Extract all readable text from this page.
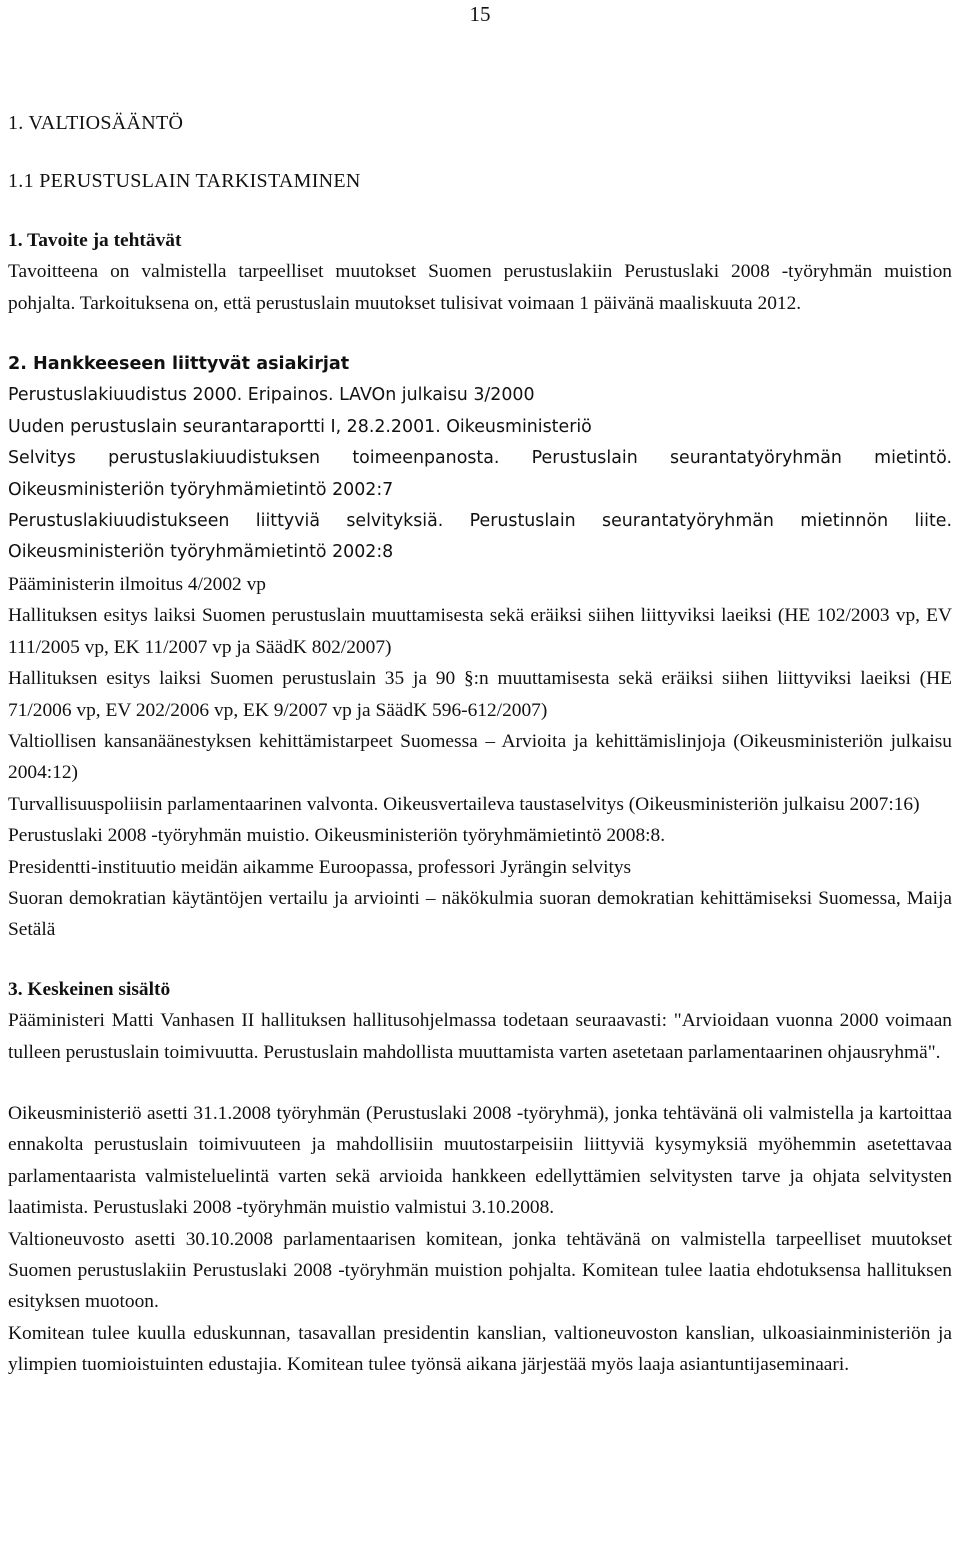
15
1. VALTIOSÄÄNTÖ
1.1 PERUSTUSLAIN TARKISTAMINEN
1. Tavoite ja tehtävät

Tavoitteena on valmistella tarpeelliset muutokset Suomen perustuslakiin Perustuslaki 2008 -työryhmän muistion pohjalta. Tarkoituksena on, että perustuslain muutokset tulisivat voimaan 1 päivänä maaliskuuta 2012.

2. Hankkeeseen liittyvät asiakirjat

Perustuslakiuudistus 2000. Eripainos. LAVOn julkaisu 3/2000

Uuden perustuslain seurantaraportti I, 28.2.2001. Oikeusministeriö

Selvitys perustuslakiuudistuksen toimeenpanosta. Perustuslain seurantatyöryhmän mietintö. Oikeusministeriön työryhmämietintö 2002:7

Perustuslakiuudistukseen liittyviä selvityksiä. Perustuslain seurantatyöryhmän mietinnön liite. Oikeusministeriön työryhmämietintö 2002:8

Pääministerin ilmoitus 4/2002 vp

Hallituksen esitys laiksi Suomen perustuslain muuttamisesta sekä eräiksi siihen liittyviksi laeiksi (HE 102/2003 vp, EV 111/2005 vp, EK 11/2007 vp ja SäädK 802/2007)

Hallituksen esitys laiksi Suomen perustuslain 35 ja 90 §:n muuttamisesta sekä eräiksi siihen liittyviksi laeiksi (HE 71/2006 vp, EV 202/2006 vp, EK 9/2007 vp ja SäädK 596-612/2007)

Valtiollisen kansanäänestyksen kehittämistarpeet Suomessa – Arvioita ja kehittämislinjoja (Oikeusministeriön julkaisu 2004:12)

Turvallisuuspoliisin parlamentaarinen valvonta. Oikeusvertaileva taustaselvitys (Oikeusministeriön julkaisu 2007:16)

Perustuslaki 2008 -työryhmän muistio. Oikeusministeriön työryhmämietintö 2008:8.

Presidentti-instituutio meidän aikamme Euroopassa, professori Jyrängin selvitys

Suoran demokratian käytäntöjen vertailu ja arviointi – näkökulmia suoran demokratian kehittämiseksi Suomessa, Maija Setälä

3. Keskeinen sisältö

Pääministeri Matti Vanhasen II hallituksen hallitusohjelmassa todetaan seuraavasti: "Arvioidaan vuonna 2000 voimaan tulleen perustuslain toimivuutta. Perustuslain mahdollista muuttamista varten asetetaan parlamentaarinen ohjausryhmä".

Oikeusministeriö asetti 31.1.2008 työryhmän (Perustuslaki 2008 -työryhmä), jonka tehtävänä oli valmistella ja kartoittaa ennakolta perustuslain toimivuuteen ja mahdollisiin muutostarpeisiin liittyviä kysymyksiä myöhemmin asetettavaa parlamentaarista valmisteluelintä varten sekä arvioida hankkeen edellyttämien selvitysten tarve ja ohjata selvitysten laatimista. Perustuslaki 2008 -työryhmän muistio valmistui 3.10.2008.

Valtioneuvosto asetti 30.10.2008 parlamentaarisen komitean, jonka tehtävänä on valmistella tarpeelliset muutokset Suomen perustuslakiin Perustuslaki 2008 -työryhmän muistion pohjalta. Komitean tulee laatia ehdotuksensa hallituksen esityksen muotoon.

Komitean tulee kuulla eduskunnan, tasavallan presidentin kanslian, valtioneuvoston kanslian, ulkoasiainministeriön ja ylimpien tuomioistuinten edustajia. Komitean tulee työnsä aikana järjestää myös laaja asiantuntijaseminaari.
